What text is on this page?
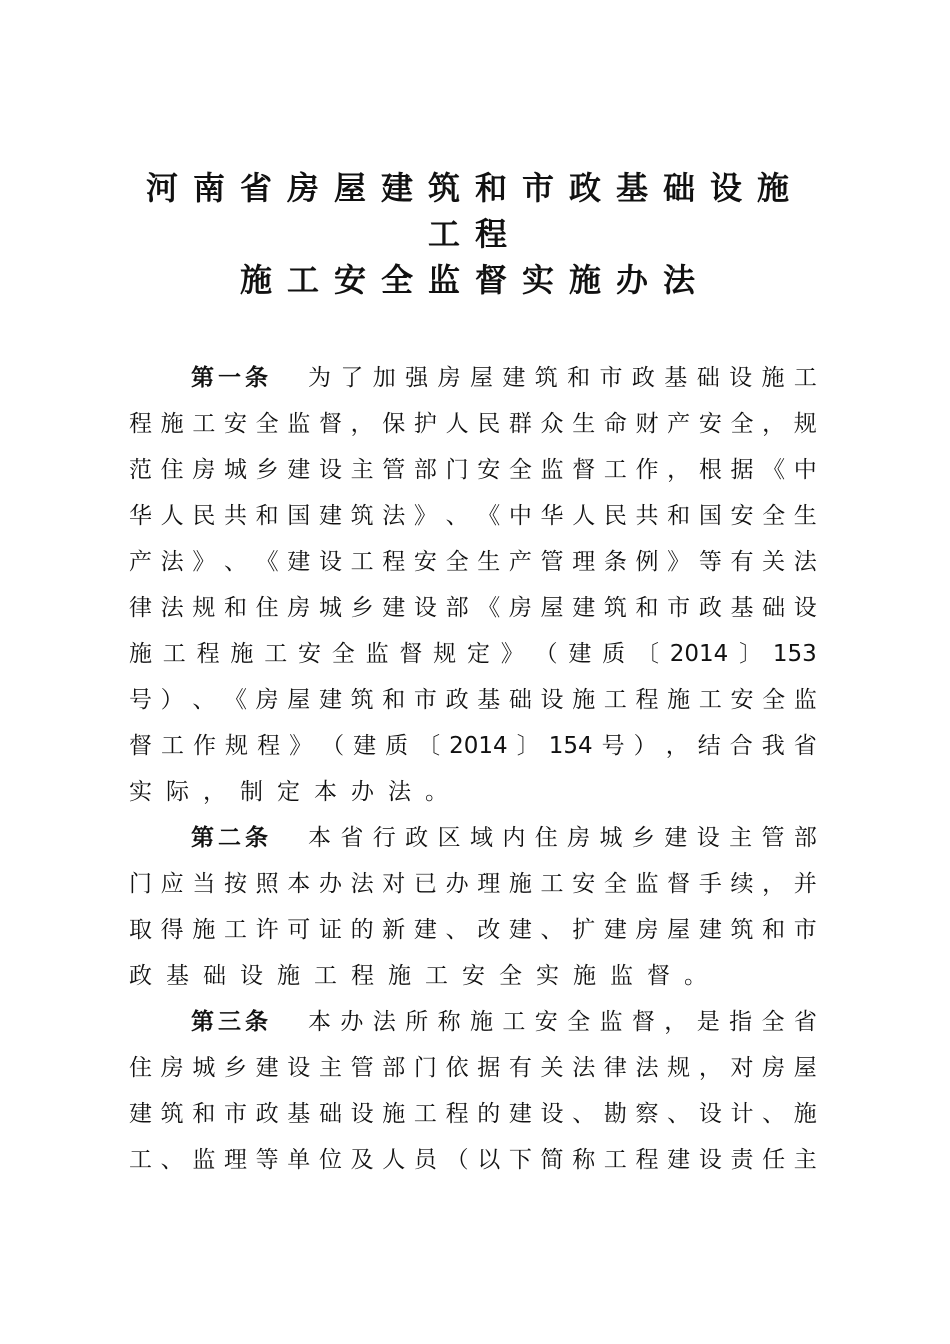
河南省房屋建筑和市政基础设施
工程
施工安全监督实施办法
第一条 为 了 加 强 房 屋 建 筑 和 市 政 基 础 设 施 工
程 施 工 安 全 监 督 ， 保 护 人 民 群 众 生 命 财 产 安 全 ， 规
范 住 房 城 乡 建 设 主 管 部 门 安 全 监 督 工 作 ， 根 据 《 中
华 人 民 共 和 国 建 筑 法 》 、 《 中 华 人 民 共 和 国 安 全 生
产 法 》 、 《 建 设 工 程 安 全 生 产 管 理 条 例 》 等 有 关 法
律 法 规 和 住 房 城 乡 建 设 部 《 房 屋 建 筑 和 市 政 基 础 设
施 工 程 施 工 安 全 监 督 规 定 》 （ 建 质 〔 2014 〕 153
号 ） 、 《 房 屋 建 筑 和 市 政 基 础 设 施 工 程 施 工 安 全 监
督 工 作 规 程 》 （ 建 质 〔 2014 〕 154 号 ） ， 结 合 我 省
实 际 ， 制 定 本 办 法 。
第二条 本 省 行 政 区 域 内 住 房 城 乡 建 设 主 管 部
门 应 当 按 照 本 办 法 对 已 办 理 施 工 安 全 监 督 手 续 ， 并
取 得 施 工 许 可 证 的 新 建 、 改 建 、 扩 建 房 屋 建 筑 和 市
政 基 础 设 施 工 程 施 工 安 全 实 施 监 督 。
第三条 本 办 法 所 称 施 工 安 全 监 督 ， 是 指 全 省
住 房 城 乡 建 设 主 管 部 门 依 据 有 关 法 律 法 规 ， 对 房 屋
建 筑 和 市 政 基 础 设 施 工 程 的 建 设 、 勘 察 、 设 计 、 施
工 、 监 理 等 单 位 及 人 员 （ 以 下 简 称 工 程 建 设 责 任 主
